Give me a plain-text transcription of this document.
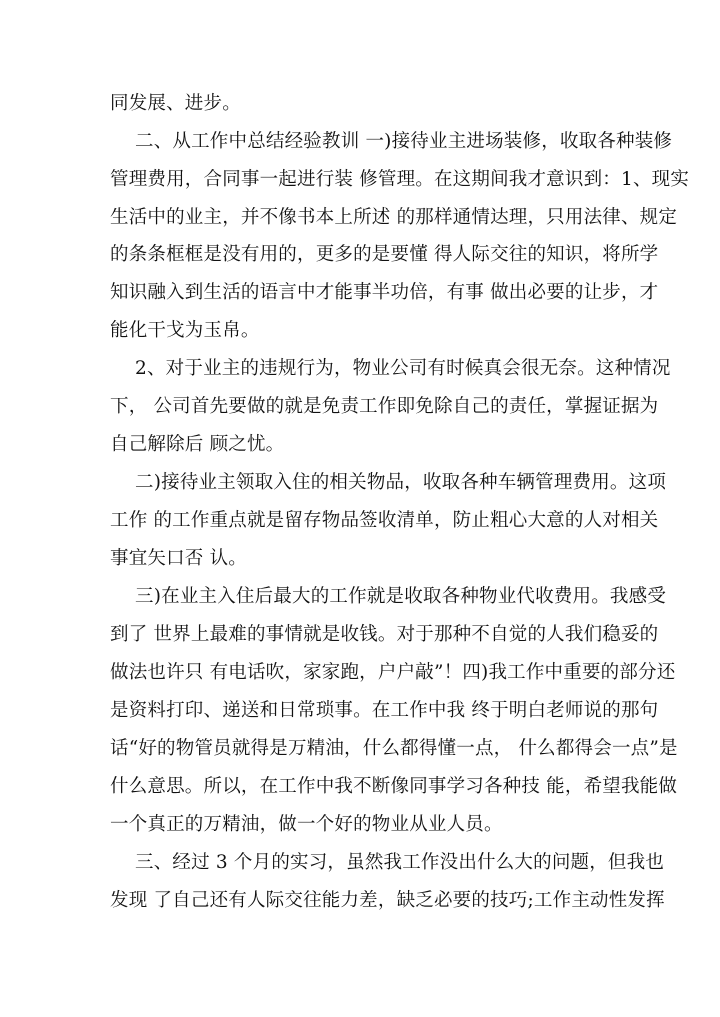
同发展、进步。
二、从工作中总结经验教训 一)接待业主进场装修，收取各种装修
管理费用，合同事一起进行装 修管理。在这期间我才意识到：1、现实
生活中的业主，并不像书本上所述 的那样通情达理，只用法律、规定
的条条框框是没有用的，更多的是要懂 得人际交往的知识，将所学
知识融入到生活的语言中才能事半功倍，有事 做出必要的让步，才
能化干戈为玉帛。
2、对于业主的违规行为，物业公司有时候真会很无奈。这种情况
下， 公司首先要做的就是免责工作即免除自己的责任，掌握证据为
自己解除后 顾之忧。
二)接待业主领取入住的相关物品，收取各种车辆管理费用。这项
工作 的工作重点就是留存物品签收清单，防止粗心大意的人对相关
事宜矢口否 认。
三)在业主入住后最大的工作就是收取各种物业代收费用。我感受
到了 世界上最难的事情就是收钱。对于那种不自觉的人我们稳妥的
做法也许只 有电话吹，家家跑，户户敲”！四)我工作中重要的部分还
是资料打印、递送和日常琐事。在工作中我 终于明白老师说的那句
话“好的物管员就得是万精油，什么都得懂一点， 什么都得会一点”是
什么意思。所以，在工作中我不断像同事学习各种技 能，希望我能做
一个真正的万精油，做一个好的物业从业人员。
三、经过 3 个月的实习，虽然我工作没出什么大的问题，但我也
发现 了自己还有人际交往能力差，缺乏必要的技巧;工作主动性发挥
